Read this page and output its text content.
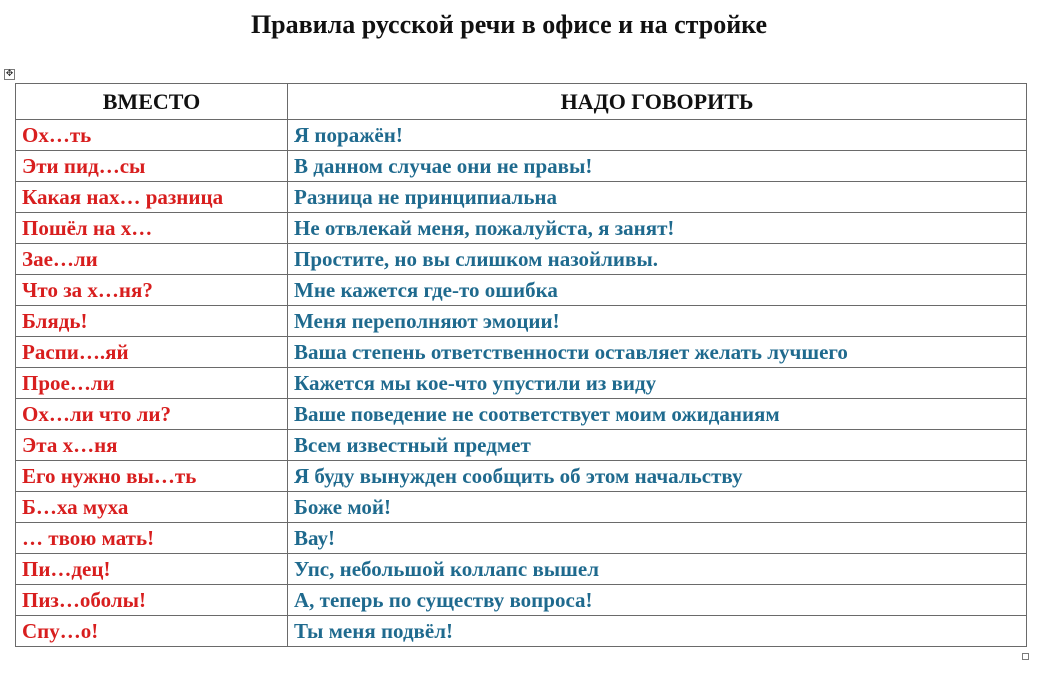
Правила русской речи в офисе и на стройке
✥
ВМЕСТО	НАДО ГОВОРИТЬ
Ох…ть	Я поражён!
Эти пид…сы	В данном случае они не правы!
Какая нах… разница	Разница не принципиальна
Пошёл на х…	Не отвлекай меня, пожалуйста, я занят!
Зае…ли	Простите, но вы слишком назойливы.
Что за х…ня?	Мне кажется где-то ошибка
Блядь!	Меня переполняют эмоции!
Распи….яй	Ваша степень ответственности оставляет желать лучшего
Прое…ли	Кажется мы кое-что упустили из виду
Ох…ли что ли?	Ваше поведение не соответствует моим ожиданиям
Эта х…ня	Всем известный предмет
Его нужно вы…ть	Я буду вынужден сообщить об этом начальству
Б…ха муха	Боже мой!
… твою мать!	Вау!
Пи…дец!	Упс, небольшой коллапс вышел
Пиз…оболы!	А, теперь по существу вопроса!
Спу…о!	Ты меня подвёл!
